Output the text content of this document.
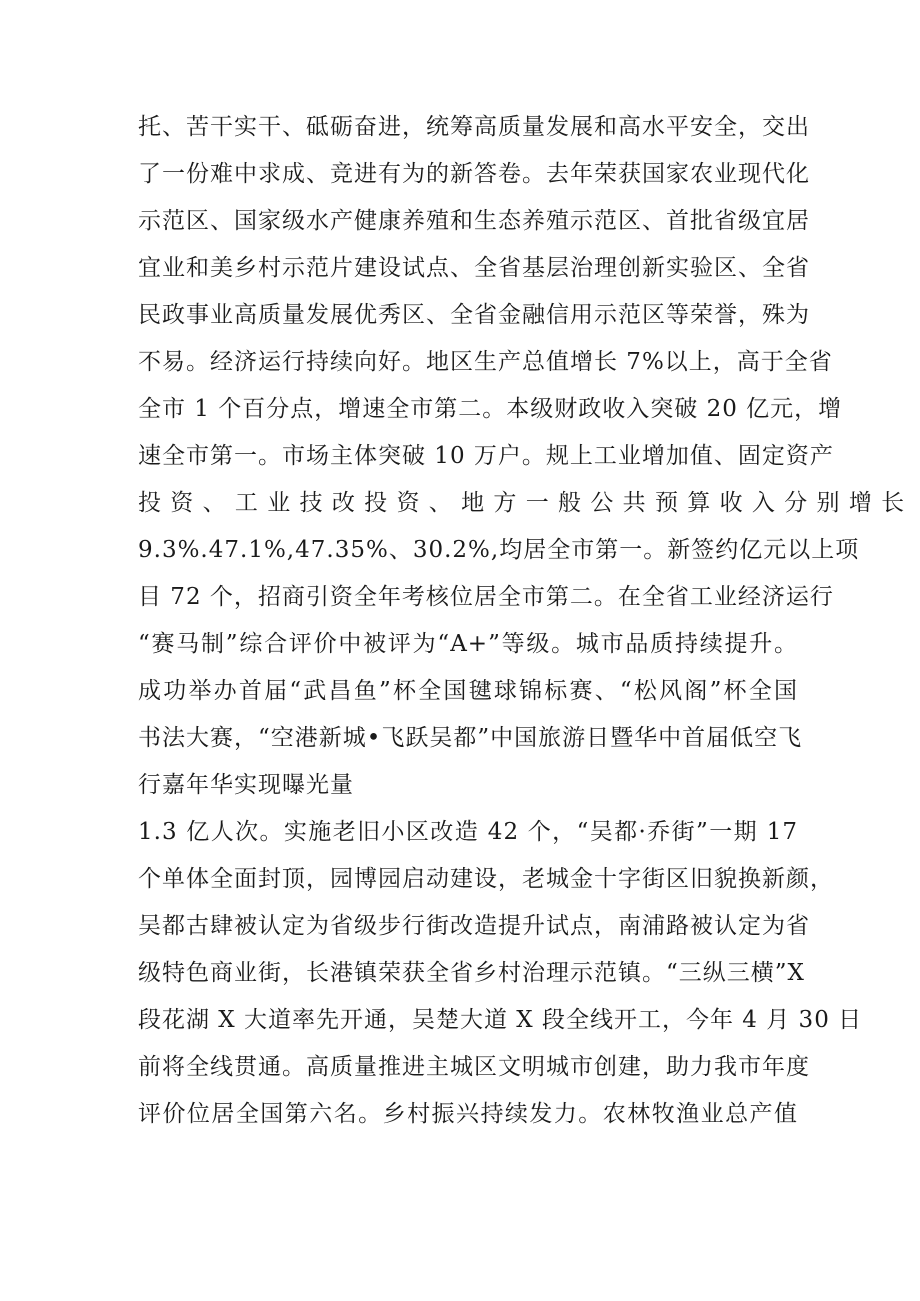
托、苦干实干、砥砺奋进，统筹高质量发展和高水平安全，交出
了一份难中求成、竞进有为的新答卷。去年荣获国家农业现代化
示范区、国家级水产健康养殖和生态养殖示范区、首批省级宜居
宜业和美乡村示范片建设试点、全省基层治理创新实验区、全省
民政事业高质量发展优秀区、全省金融信用示范区等荣誉，殊为
不易。经济运行持续向好。地区生产总值增长 7%以上，高于全省
全市 1 个百分点，增速全市第二。本级财政收入突破 20 亿元，增
速全市第一。市场主体突破 10 万户。规上工业增加值、固定资产
投 资 、 工 业 技 改 投 资 、 地 方 一 般 公 共 预 算 收 入 分 别 增 长
9.3%.47.1%,47.35%、30.2%,均居全市第一。新签约亿元以上项
目 72 个，招商引资全年考核位居全市第二。在全省工业经济运行
“赛马制”综合评价中被评为“A+”等级。城市品质持续提升。
成功举办首届“武昌鱼”杯全国毽球锦标赛、“松风阁”杯全国
书法大赛，“空港新城•飞跃吴都”中国旅游日暨华中首届低空飞
行嘉年华实现曝光量
1.3 亿人次。实施老旧小区改造 42 个，“吴都·乔街”一期 17
个单体全面封顶，园博园启动建设，老城金十字街区旧貌换新颜，
吴都古肆被认定为省级步行街改造提升试点，南浦路被认定为省
级特色商业街，长港镇荣获全省乡村治理示范镇。“三纵三横”X
段花湖 X 大道率先开通，吴楚大道 X 段全线开工，今年 4 月 30 日
前将全线贯通。高质量推进主城区文明城市创建，助力我市年度
评价位居全国第六名。乡村振兴持续发力。农林牧渔业总产值
